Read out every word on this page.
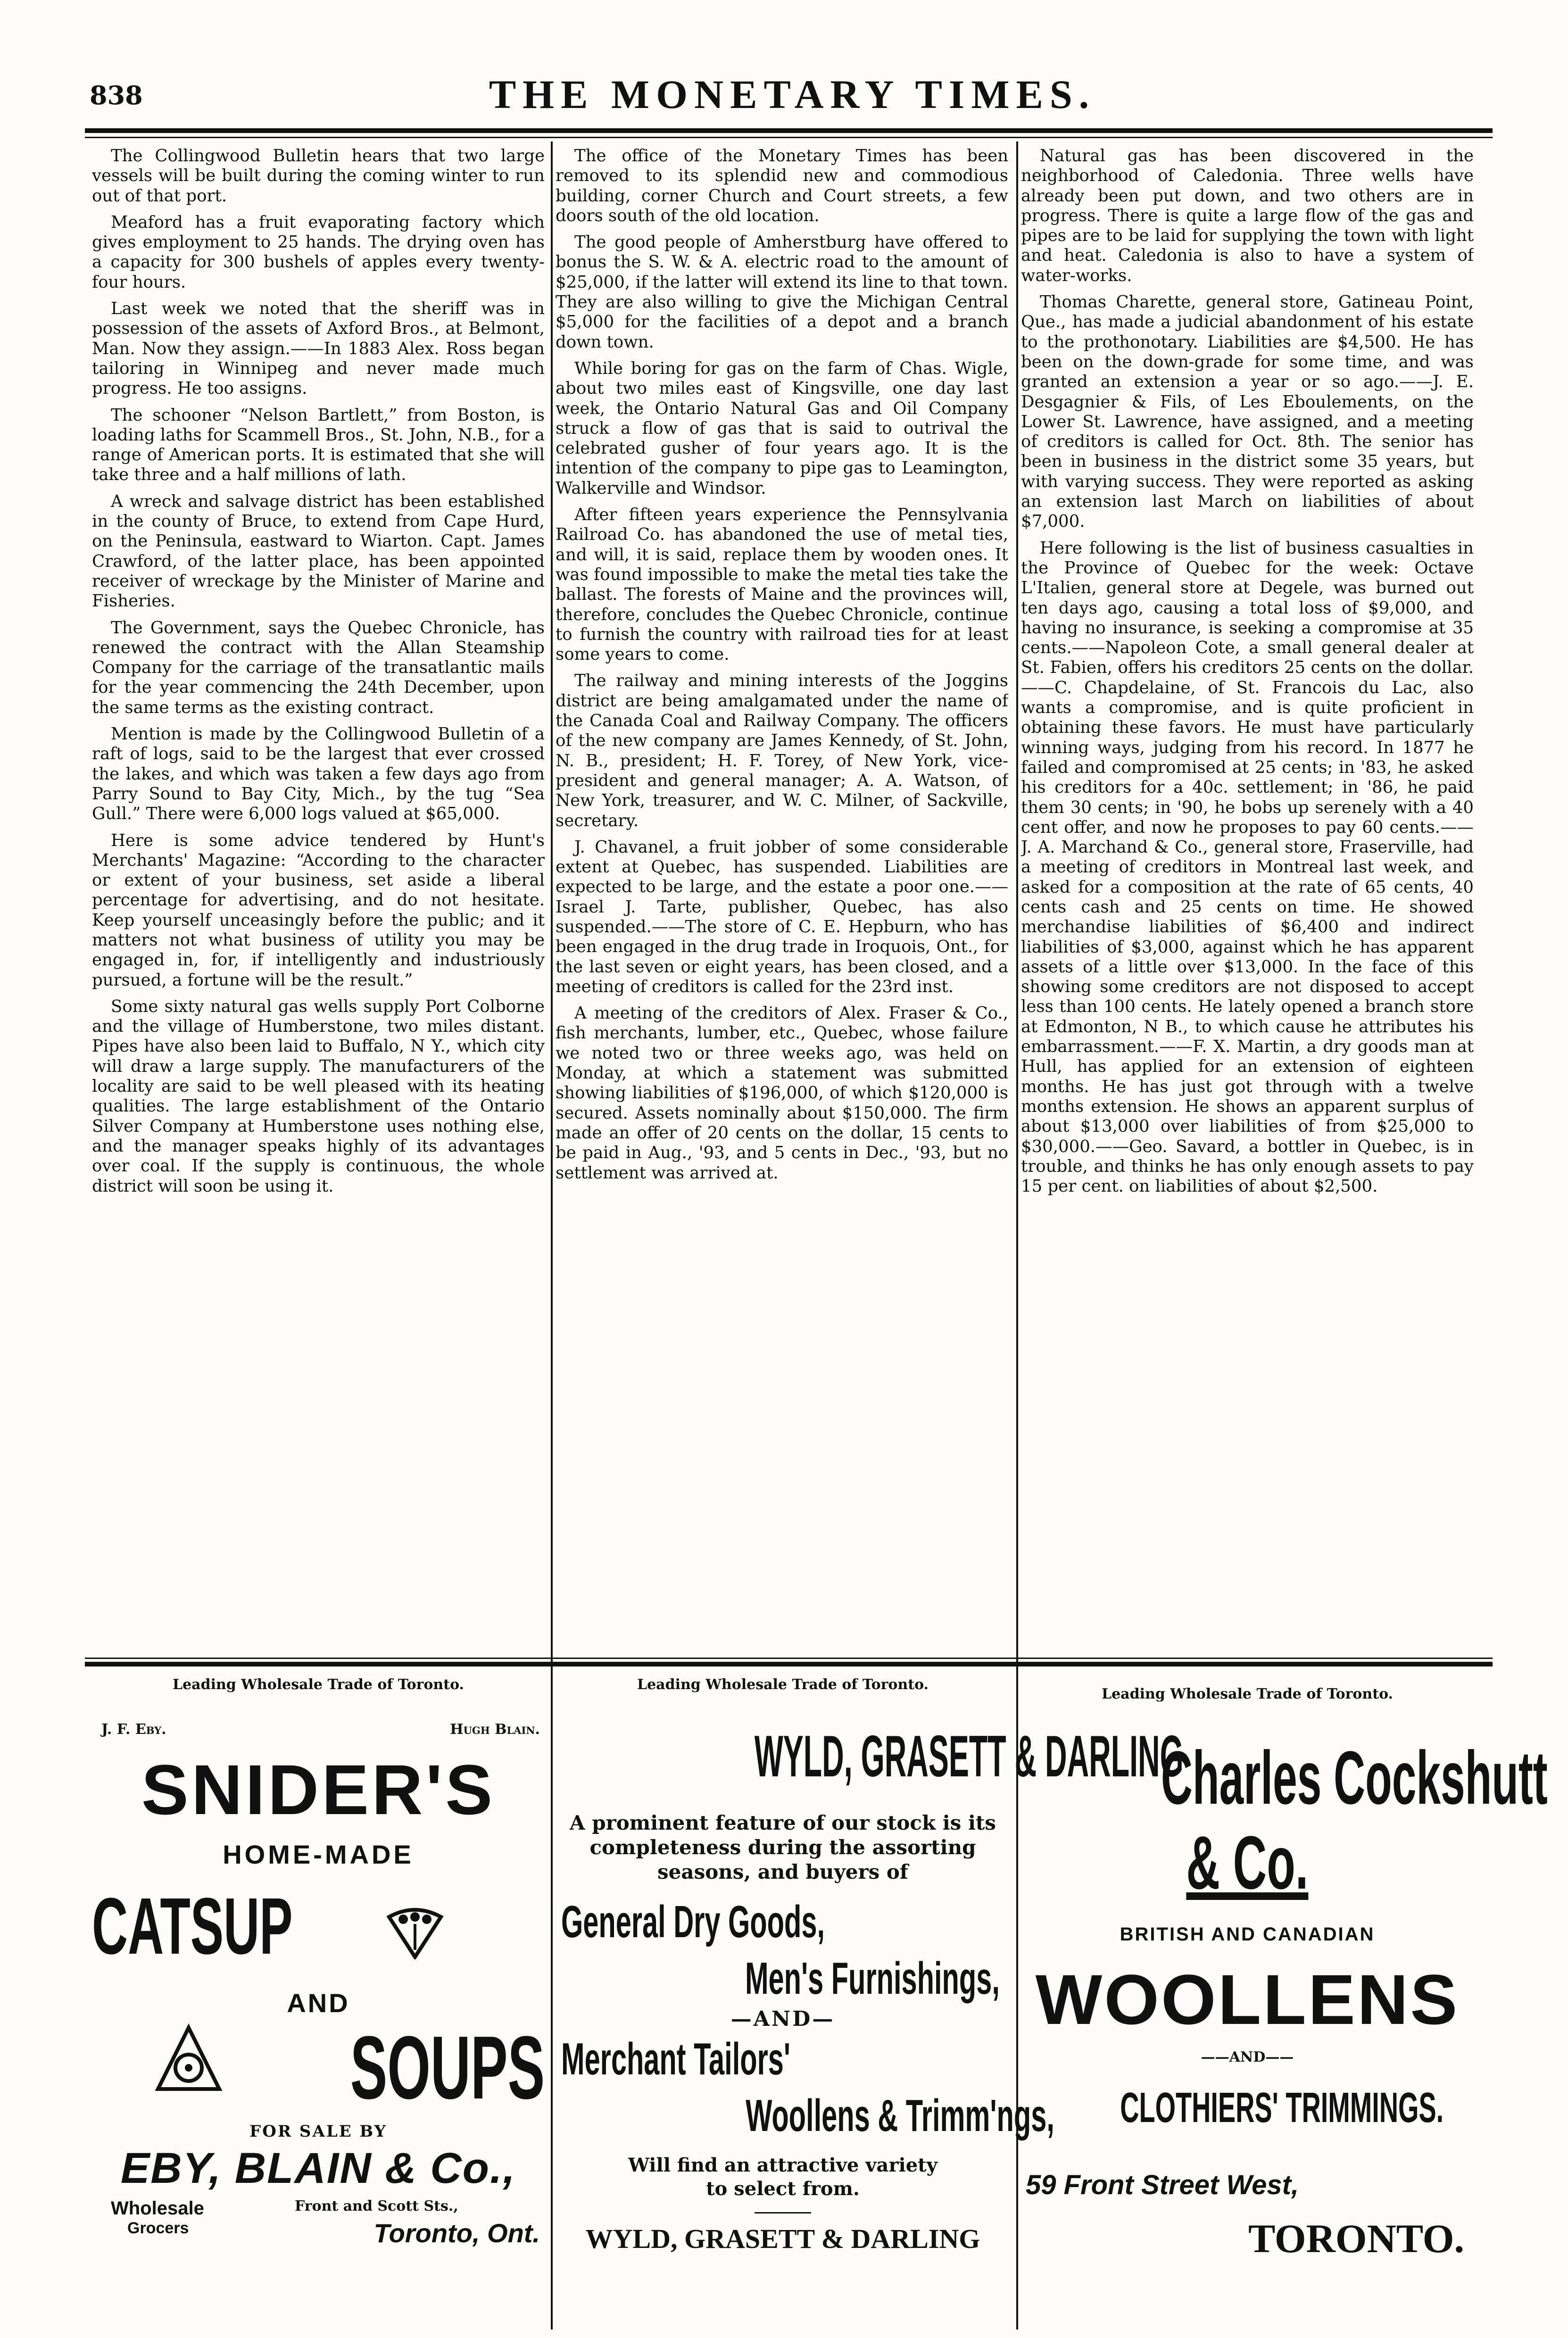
838	THE MONETARY TIMES.

The Collingwood Bulletin hears that two large vessels will be built during the coming winter to run out of that port.

Meaford has a fruit evaporating factory which gives employment to 25 hands. The drying oven has a capacity for 300 bushels of apples every twenty-four hours.

Last week we noted that the sheriff was in possession of the assets of Axford Bros., at Belmont, Man. Now they assign.——In 1883 Alex. Ross began tailoring in Winnipeg and never made much progress. He too assigns.

The schooner “Nelson Bartlett,” from Boston, is loading laths for Scammell Bros., St. John, N.B., for a range of American ports. It is estimated that she will take three and a half millions of lath.

A wreck and salvage district has been established in the county of Bruce, to extend from Cape Hurd, on the Peninsula, eastward to Wiarton. Capt. James Crawford, of the latter place, has been appointed receiver of wreckage by the Minister of Marine and Fisheries.

The Government, says the Quebec Chronicle, has renewed the contract with the Allan Steamship Company for the carriage of the transatlantic mails for the year commencing the 24th December, upon the same terms as the existing contract.

Mention is made by the Collingwood Bulletin of a raft of logs, said to be the largest that ever crossed the lakes, and which was taken a few days ago from Parry Sound to Bay City, Mich., by the tug “Sea Gull.” There were 6,000 logs valued at $65,000.

Here is some advice tendered by Hunt's Merchants' Magazine: “According to the character or extent of your business, set aside a liberal percentage for advertising, and do not hesitate. Keep yourself unceasingly before the public; and it matters not what business of utility you may be engaged in, for, if intelligently and industriously pursued, a fortune will be the result.”

Some sixty natural gas wells supply Port Colborne and the village of Humberstone, two miles distant. Pipes have also been laid to Buffalo, N Y., which city will draw a large supply. The manufacturers of the locality are said to be well pleased with its heating qualities. The large establishment of the Ontario Silver Company at Humberstone uses nothing else, and the manager speaks highly of its advantages over coal. If the supply is continuous, the whole district will soon be using it.

The office of the Monetary Times has been removed to its splendid new and commodious building, corner Church and Court streets, a few doors south of the old location.

The good people of Amherstburg have offered to bonus the S. W. & A. electric road to the amount of $25,000, if the latter will extend its line to that town. They are also willing to give the Michigan Central $5,000 for the facilities of a depot and a branch down town.

While boring for gas on the farm of Chas. Wigle, about two miles east of Kingsville, one day last week, the Ontario Natural Gas and Oil Company struck a flow of gas that is said to outrival the celebrated gusher of four years ago. It is the intention of the company to pipe gas to Leamington, Walkerville and Windsor.

After fifteen years experience the Pennsylvania Railroad Co. has abandoned the use of metal ties, and will, it is said, replace them by wooden ones. It was found impossible to make the metal ties take the ballast. The forests of Maine and the provinces will, therefore, concludes the Quebec Chronicle, continue to furnish the country with railroad ties for at least some years to come.

The railway and mining interests of the Joggins district are being amalgamated under the name of the Canada Coal and Railway Company. The officers of the new company are James Kennedy, of St. John, N. B., president; H. F. Torey, of New York, vice-president and general manager; A. A. Watson, of New York, treasurer, and W. C. Milner, of Sackville, secretary.

J. Chavanel, a fruit jobber of some considerable extent at Quebec, has suspended. Liabilities are expected to be large, and the estate a poor one.——Israel J. Tarte, publisher, Quebec, has also suspended.——The store of C. E. Hepburn, who has been engaged in the drug trade in Iroquois, Ont., for the last seven or eight years, has been closed, and a meeting of creditors is called for the 23rd inst.

A meeting of the creditors of Alex. Fraser & Co., fish merchants, lumber, etc., Quebec, whose failure we noted two or three weeks ago, was held on Monday, at which a statement was submitted showing liabilities of $196,000, of which $120,000 is secured. Assets nominally about $150,000. The firm made an offer of 20 cents on the dollar, 15 cents to be paid in Aug., '93, and 5 cents in Dec., '93, but no settlement was arrived at.

Natural gas has been discovered in the neighborhood of Caledonia. Three wells have already been put down, and two others are in progress. There is quite a large flow of the gas and pipes are to be laid for supplying the town with light and heat. Caledonia is also to have a system of water-works.

Thomas Charette, general store, Gatineau Point, Que., has made a judicial abandonment of his estate to the prothonotary. Liabilities are $4,500. He has been on the down-grade for some time, and was granted an extension a year or so ago.——J. E. Desgagnier & Fils, of Les Eboulements, on the Lower St. Lawrence, have assigned, and a meeting of creditors is called for Oct. 8th. The senior has been in business in the district some 35 years, but with varying success. They were reported as asking an extension last March on liabilities of about $7,000.

Here following is the list of business casualties in the Province of Quebec for the week: Octave L'Italien, general store at Degele, was burned out ten days ago, causing a total loss of $9,000, and having no insurance, is seeking a compromise at 35 cents.——Napoleon Cote, a small general dealer at St. Fabien, offers his creditors 25 cents on the dollar.——C. Chapdelaine, of St. Francois du Lac, also wants a compromise, and is quite proficient in obtaining these favors. He must have particularly winning ways, judging from his record. In 1877 he failed and compromised at 25 cents; in '83, he asked his creditors for a 40c. settlement; in '86, he paid them 30 cents; in '90, he bobs up serenely with a 40 cent offer, and now he proposes to pay 60 cents.——J. A. Marchand & Co., general store, Fraserville, had a meeting of creditors in Montreal last week, and asked for a composition at the rate of 65 cents, 40 cents cash and 25 cents on time. He showed merchandise liabilities of $6,400 and indirect liabilities of $3,000, against which he has apparent assets of a little over $13,000. In the face of this showing some creditors are not disposed to accept less than 100 cents. He lately opened a branch store at Edmonton, N B., to which cause he attributes his embarrassment.——F. X. Martin, a dry goods man at Hull, has applied for an extension of eighteen months. He has just got through with a twelve months extension. He shows an apparent surplus of about $13,000 over liabilities of from $25,000 to $30,000.——Geo. Savard, a bottler in Quebec, is in trouble, and thinks he has only enough assets to pay 15 per cent. on liabilities of about $2,500.

Leading Wholesale Trade of Toronto.
J. F. Eby.	Hugh Blain.
SNIDER'S
HOME-MADE
CATSUP
AND
SOUPS
FOR SALE BY
EBY, BLAIN & Co.,
Wholesale
Grocers
Front and Scott Sts.,
Toronto, Ont.
Leading Wholesale Trade of Toronto.
WYLD, GRASETT & DARLING
A prominent feature of our stock is its completeness during the assorting seasons, and buyers of
General Dry Goods,
Men's Furnishings,
—AND—
Merchant Tailors'
Woollens & Trimm'ngs,
Will find an attractive variety to select from.
WYLD, GRASETT & DARLING
Leading Wholesale Trade of Toronto.
Charles Cockshutt
& Co.
BRITISH AND CANADIAN
WOOLLENS
——AND——
CLOTHIERS' TRIMMINGS.
59 Front Street West,
TORONTO.
